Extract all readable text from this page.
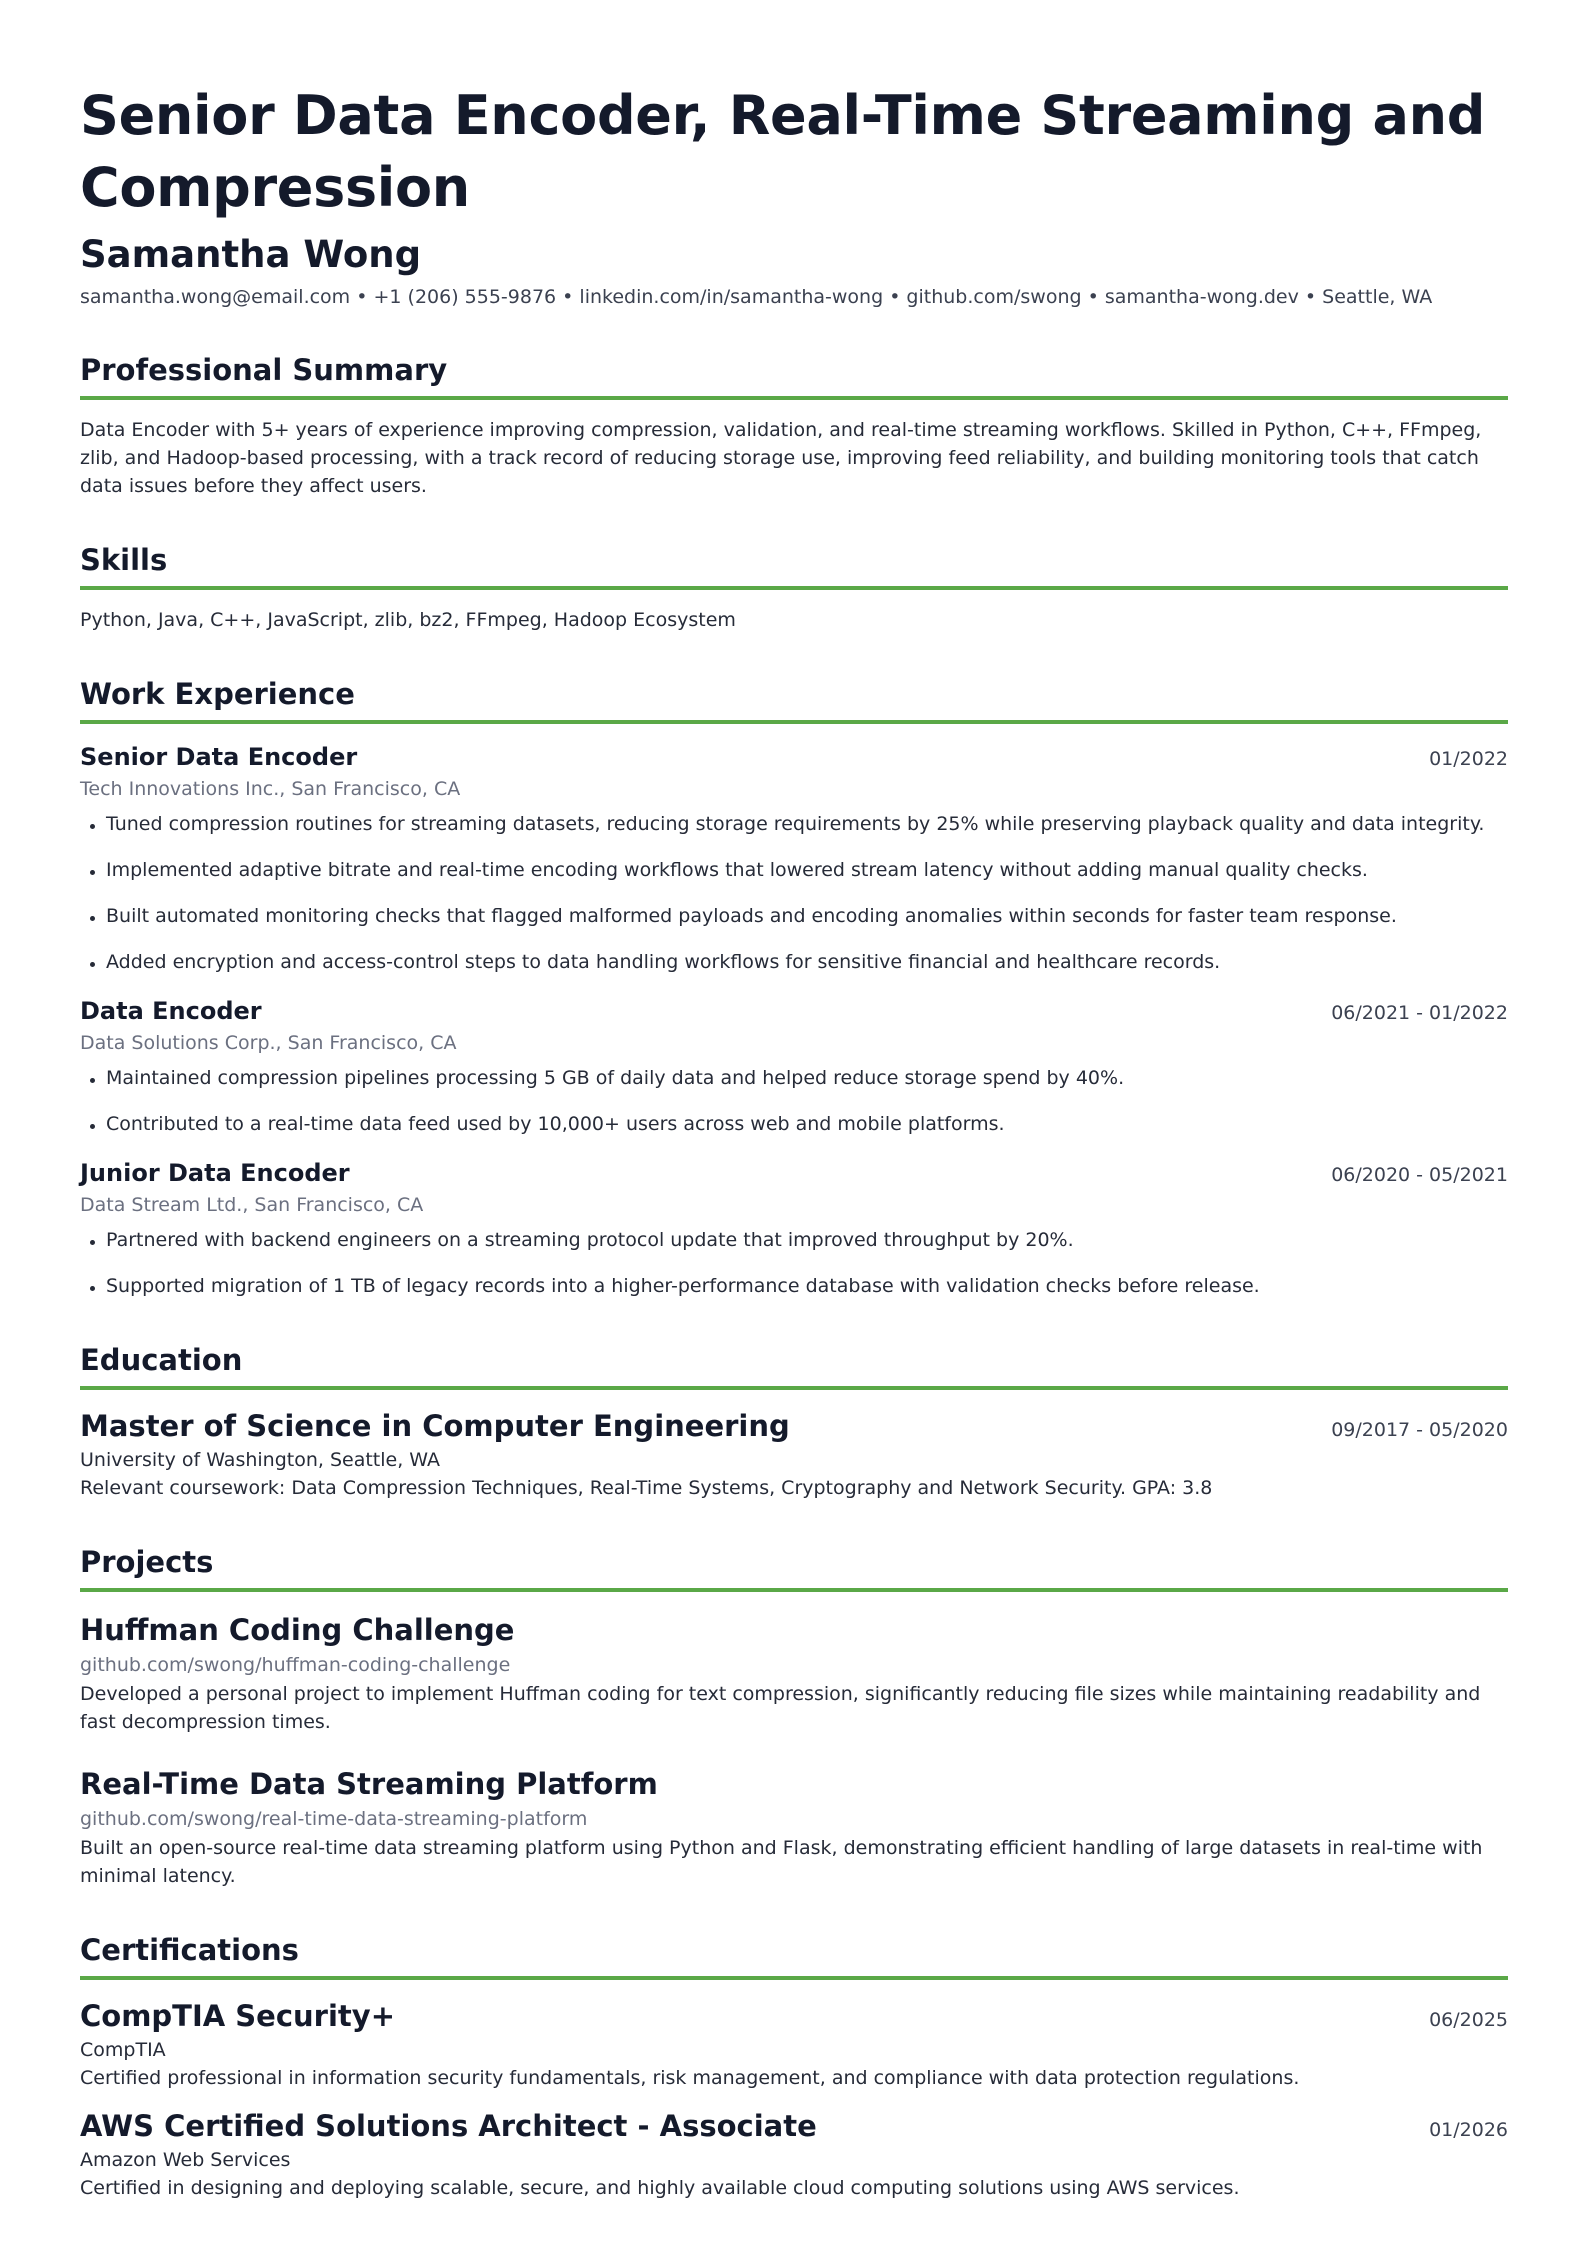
Senior Data Encoder, Real-Time Streaming and Compression
Samantha Wong
samantha.wong@email.com • +1 (206) 555-9876 • linkedin.com/in/samantha-wong • github.com/swong • samantha-wong.dev • Seattle, WA
Professional Summary
Data Encoder with 5+ years of experience improving compression, validation, and real-time streaming workflows. Skilled in Python, C++, FFmpeg, zlib, and Hadoop-based processing, with a track record of reducing storage use, improving feed reliability, and building monitoring tools that catch data issues before they affect users.
Skills
Python, Java, C++, JavaScript, zlib, bz2, FFmpeg, Hadoop Ecosystem
Work Experience
Senior Data Encoder	01/2022
Tech Innovations Inc., San Francisco, CA
Tuned compression routines for streaming datasets, reducing storage requirements by 25% while preserving playback quality and data integrity.
Implemented adaptive bitrate and real-time encoding workflows that lowered stream latency without adding manual quality checks.
Built automated monitoring checks that flagged malformed payloads and encoding anomalies within seconds for faster team response.
Added encryption and access-control steps to data handling workflows for sensitive financial and healthcare records.
Data Encoder	06/2021 - 01/2022
Data Solutions Corp., San Francisco, CA
Maintained compression pipelines processing 5 GB of daily data and helped reduce storage spend by 40%.
Contributed to a real-time data feed used by 10,000+ users across web and mobile platforms.
Junior Data Encoder	06/2020 - 05/2021
Data Stream Ltd., San Francisco, CA
Partnered with backend engineers on a streaming protocol update that improved throughput by 20%.
Supported migration of 1 TB of legacy records into a higher-performance database with validation checks before release.
Education
Master of Science in Computer Engineering	09/2017 - 05/2020
University of Washington, Seattle, WA
Relevant coursework: Data Compression Techniques, Real-Time Systems, Cryptography and Network Security. GPA: 3.8
Projects
Huffman Coding Challenge
github.com/swong/huffman-coding-challenge
Developed a personal project to implement Huffman coding for text compression, significantly reducing file sizes while maintaining readability and fast decompression times.
Real-Time Data Streaming Platform
github.com/swong/real-time-data-streaming-platform
Built an open-source real-time data streaming platform using Python and Flask, demonstrating efficient handling of large datasets in real-time with minimal latency.
Certifications
CompTIA Security+	06/2025
CompTIA
Certified professional in information security fundamentals, risk management, and compliance with data protection regulations.
AWS Certified Solutions Architect - Associate	01/2026
Amazon Web Services
Certified in designing and deploying scalable, secure, and highly available cloud computing solutions using AWS services.
